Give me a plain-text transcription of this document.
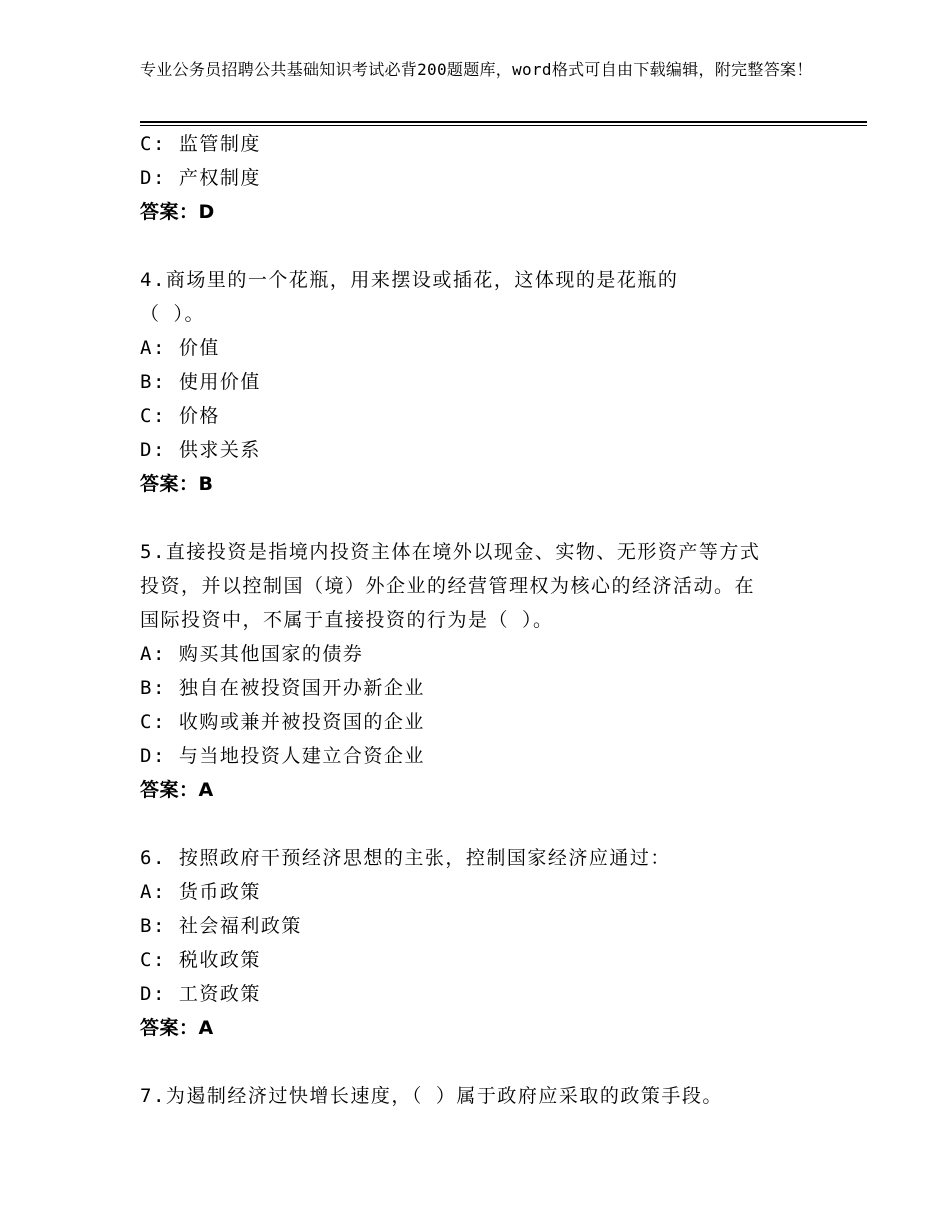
专业公务员招聘公共基础知识考试必背200题题库，word格式可自由下载编辑，附完整答案！
C: 监管制度
D: 产权制度
答案：D
4.商场里的一个花瓶，用来摆设或插花，这体现的是花瓶的
（ ）。
A: 价值
B: 使用价值
C: 价格
D: 供求关系
答案：B
5.直接投资是指境内投资主体在境外以现金、实物、无形资产等方式
投资，并以控制国（境）外企业的经营管理权为核心的经济活动。在
国际投资中，不属于直接投资的行为是（ ）。
A: 购买其他国家的债券
B: 独自在被投资国开办新企业
C: 收购或兼并被投资国的企业
D: 与当地投资人建立合资企业
答案：A
6. 按照政府干预经济思想的主张，控制国家经济应通过：
A: 货币政策
B: 社会福利政策
C: 税收政策
D: 工资政策
答案：A
7.为遏制经济过快增长速度，（ ）属于政府应采取的政策手段。
